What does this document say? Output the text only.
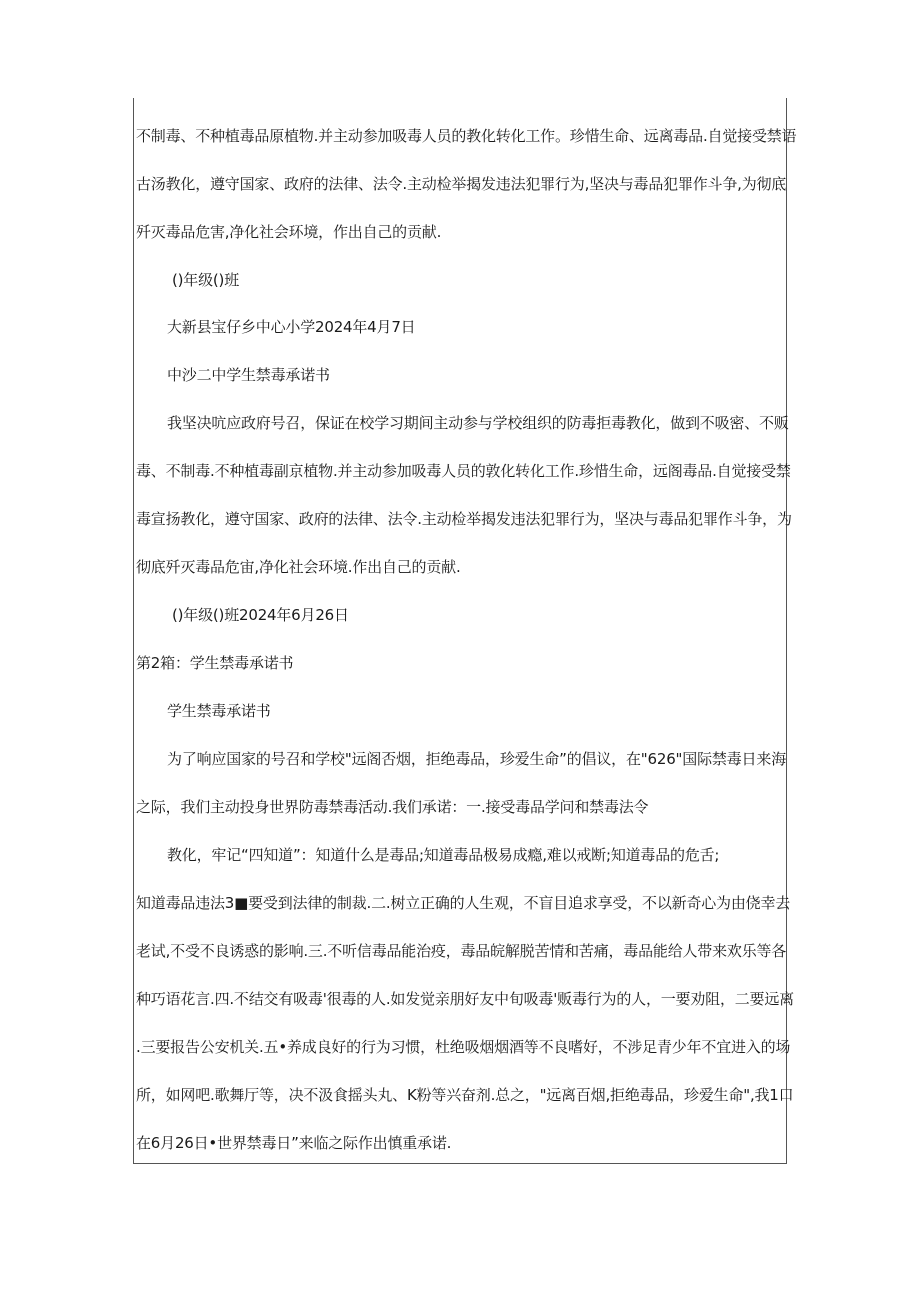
不制毒、不种植毒品原植物.并主动参加吸毒人员的教化转化工作。珍惜生命、远离毒品.自觉接受禁语
古汤教化，遵守国家、政府的法律、法令.主动检举揭发违法犯罪行为,坚决与毒品犯罪作斗争,为彻底
歼灭毒品危害,净化社会环境，作出自己的贡献.
()年级()班
大新县宝仔乡中心小学2024年4月7日
中沙二中学生禁毒承诺书
我坚决吭应政府号召，保证在校学习期间主动参与学校组织的防毒拒毒教化，做到不吸密、不贩
毒、不制毒.不种植毒副京植物.并主动参加吸毒人员的敦化转化工作.珍惜生命，远阁毒品.自觉接受禁
毒宣扬教化，遵守国家、政府的法律、法令.主动检举揭发违法犯罪行为，坚决与毒品犯罪作斗争，为
彻底歼灭毒品危宙,净化社会环境.作出自己的贡献.
()年级()班2024年6月26日
第2箱：学生禁毒承诺书
学生禁毒承诺书
为了响应国家的号召和学校"远阁否烟，拒绝毒品，珍爱生命”的倡议，在"626"国际禁毒日来海
之际，我们主动投身世界防毒禁毒活动.我们承诺：一.接受毒品学问和禁毒法令
教化，牢记“四知道”：知道什么是毒品;知道毒品极易成瘾,难以戒断;知道毒品的危舌;
知道毒品违法3■要受到法律的制裁.二.树立正确的人生观，不盲目追求享受，不以新奇心为由侥幸去
老试,不受不良诱惑的影响.三.不听信毒品能治疫，毒品皖解脱苦情和苦痛，毒品能给人带来欢乐等各
种巧语花言.四.不结交有吸毒'很毒的人.如发觉亲朋好友中旬吸毒'贩毒行为的人，一要劝阻，二要远离
.三要报告公安机关.五•养成良好的行为习惯，杜绝吸烟烟酒等不良嗜好，不涉足青少年不宜进入的场
所，如网吧.歌舞厅等，决不汲食摇头丸、K粉等兴奋剂.总之，"远离百烟,拒绝毒品，珍爱生命",我1口
在6月26日•世界禁毒日”来临之际作出慎重承诺.
